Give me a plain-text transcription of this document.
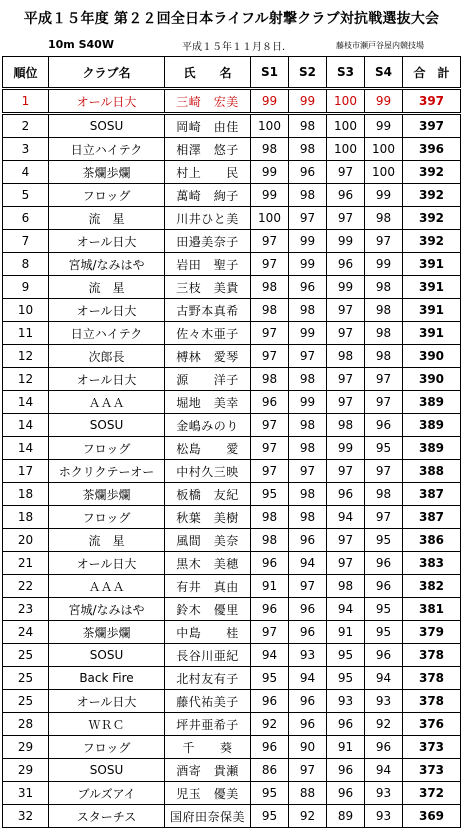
平成１５年度 第２２回全日本ライフル射撃クラブ対抗戦選抜大会
10m S40W	平成１５年１１月８日.	藤枝市瀬戸谷屋内競技場
順位	クラブ名	氏　　名	S1	S2	S3	S4	合　計
1	オール日大	三崎　宏美	99	99	100	99	397
2	SOSU	岡崎　由佳	100	98	100	99	397
3	日立ハイテク	相澤　悠子	98	98	100	100	396
4	茶爛歩爛	村上　　民	99	96	97	100	392
5	フロッグ	萬崎　絢子	99	98	96	99	392
6	流　星	川井ひと美	100	97	97	98	392
7	オール日大	田邉美奈子	97	99	99	97	392
8	宮城/なみはや	岩田　聖子	97	99	96	99	391
9	流　星	三枝　美貴	98	96	99	98	391
10	オール日大	古野本真希	98	98	97	98	391
11	日立ハイテク	佐々木亜子	97	99	97	98	391
12	次郎長	榑林　愛琴	97	97	98	98	390
12	オール日大	源　　洋子	98	98	97	97	390
14	ＡＡＡ	堀地　美幸	96	99	97	97	389
14	SOSU	金嶋みのり	97	98	98	96	389
14	フロッグ	松島　　愛	97	98	99	95	389
17	ホクリクテーオー	中村久三映	97	97	97	97	388
18	茶爛歩爛	板橋　友紀	95	98	96	98	387
18	フロッグ	秋葉　美樹	98	98	94	97	387
20	流　星	風間　美奈	98	96	97	95	386
21	オール日大	黒木　美穂	96	94	97	96	383
22	ＡＡＡ	有井　真由	91	97	98	96	382
23	宮城/なみはや	鈴木　優里	96	96	94	95	381
24	茶爛歩爛	中島　　桂	97	96	91	95	379
25	SOSU	長谷川亜紀	94	93	95	96	378
25	Back Fire	北村友有子	95	94	95	94	378
25	オール日大	藤代祐美子	96	96	93	93	378
28	ＷＲＣ	坪井亜希子	92	96	96	92	376
29	フロッグ	千　　葵	96	90	91	96	373
29	SOSU	酒寄　貴瀬	86	97	96	94	373
31	ブルズアイ	児玉　優美	95	88	96	93	372
32	スターチス	国府田奈保美	95	92	89	93	369
